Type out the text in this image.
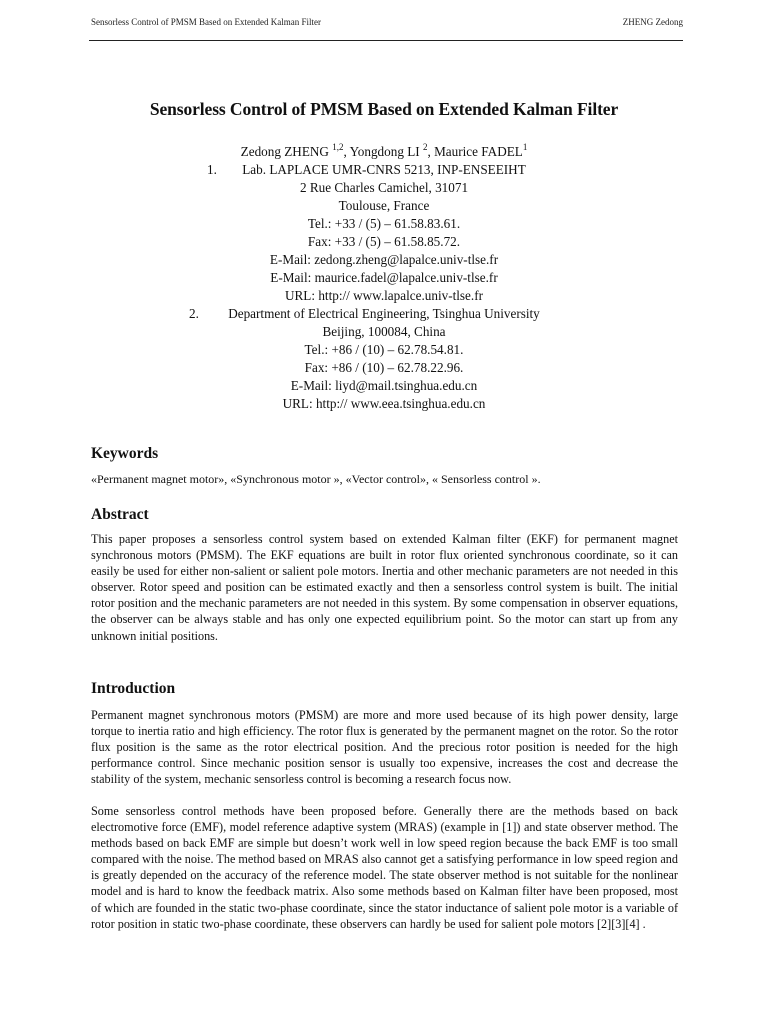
Sensorless Control of PMSM Based on Extended Kalman Filter	ZHENG Zedong
Sensorless Control of PMSM Based on Extended Kalman Filter
Zedong ZHENG $^{1,2}$, Yongdong LI $^2$, Maurice FADEL$^1$
1. Lab. LAPLACE UMR-CNRS 5213, INP-ENSEEIHT
2 Rue Charles Camichel, 31071
Toulouse, France
Tel.: +33 / (5) – 61.58.83.61.
Fax: +33 / (5) – 61.58.85.72.
E-Mail: zedong.zheng@lapalce.univ-tlse.fr
E-Mail: maurice.fadel@lapalce.univ-tlse.fr
URL: http:// www.lapalce.univ-tlse.fr
2. Department of Electrical Engineering, Tsinghua University
Beijing, 100084, China
Tel.: +86 / (10) – 62.78.54.81.
Fax: +86 / (10) – 62.78.22.96.
E-Mail: liyd@mail.tsinghua.edu.cn
URL: http:// www.eea.tsinghua.edu.cn
Keywords
«Permanent magnet motor», «Synchronous motor », «Vector control», « Sensorless control ».
Abstract

This paper proposes a sensorless control system based on extended Kalman filter (EKF) for permanent magnet synchronous motors (PMSM). The EKF equations are built in rotor flux oriented synchronous coordinate, so it can easily be used for either non-salient or salient pole motors. Inertia and other mechanic parameters are not needed in this observer. Rotor speed and position can be estimated exactly and then a sensorless control system is built. The initial rotor position and the mechanic parameters are not needed in this system. By some compensation in observer equations, the observer can be always stable and has only one expected equilibrium point. So the motor can start up from any unknown initial positions.

Introduction

Permanent magnet synchronous motors (PMSM) are more and more used because of its high power density, large torque to inertia ratio and high efficiency. The rotor flux is generated by the permanent magnet on the rotor. So the rotor flux position is the same as the rotor electrical position. And the precious rotor position is needed for the high performance control. Since mechanic position sensor is usually too expensive, increases the cost and decrease the stability of the system, mechanic sensorless control is becoming a research focus now.

Some sensorless control methods have been proposed before. Generally there are the methods based on back electromotive force (EMF), model reference adaptive system (MRAS) (example in [1]) and state observer method. The methods based on back EMF are simple but doesn’t work well in low speed region because the back EMF is too small compared with the noise. The method based on MRAS also cannot get a satisfying performance in low speed region and is greatly depended on the accuracy of the reference model. The state observer method is not suitable for the nonlinear model and is hard to know the feedback matrix. Also some methods based on Kalman filter have been proposed, most of which are founded in the static two-phase coordinate, since the stator inductance of salient pole motor is a variable of rotor position in static two-phase coordinate, these observers can hardly be used for salient pole motors [2][3][4] .
